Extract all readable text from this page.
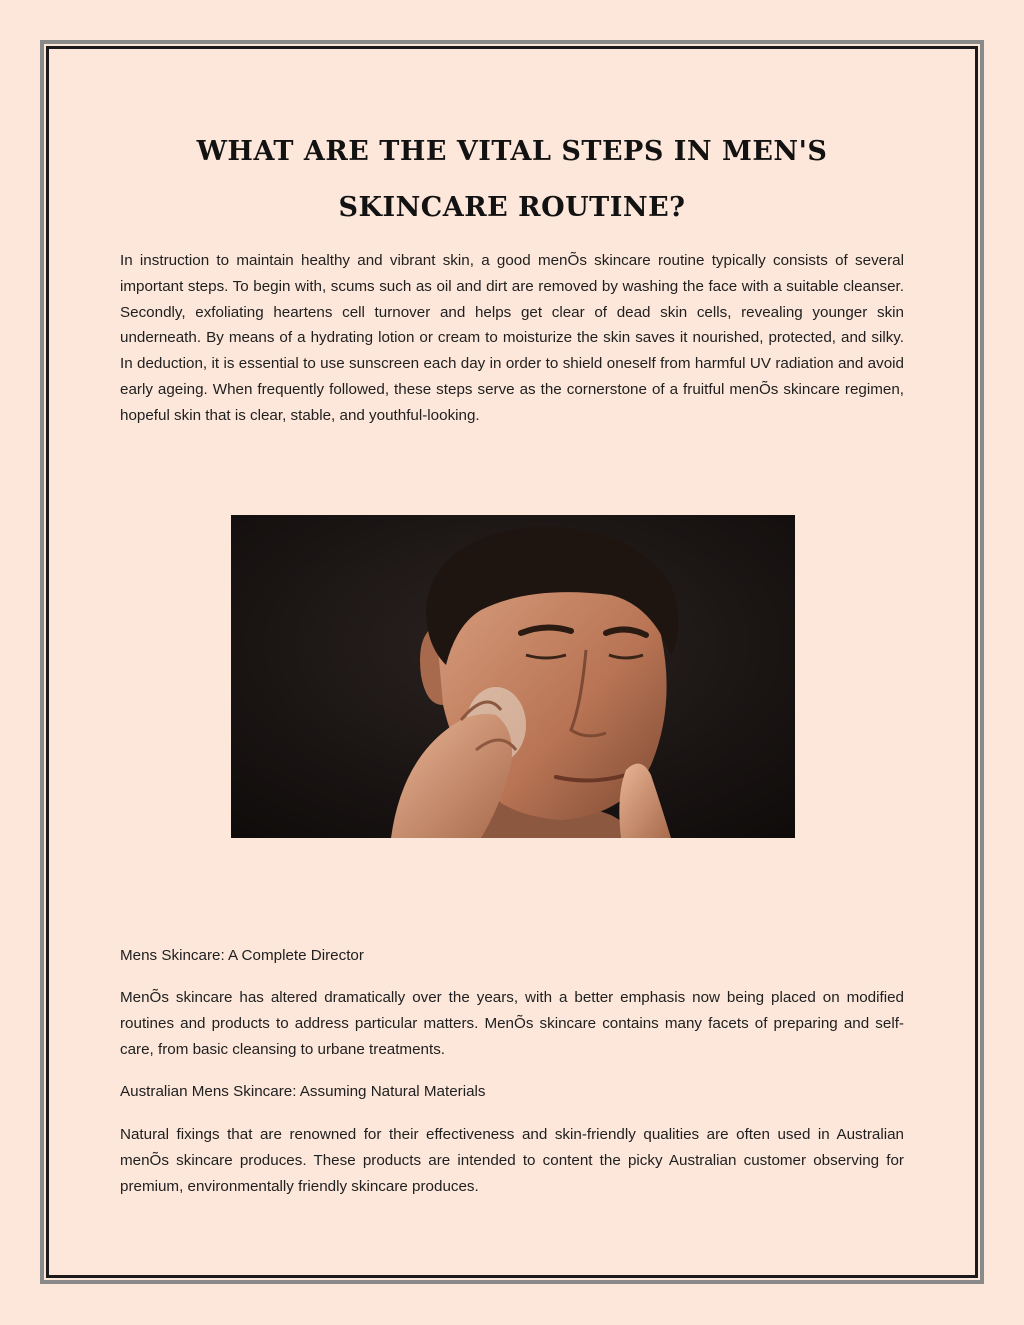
WHAT ARE THE VITAL STEPS IN MEN'S SKINCARE ROUTINE?

In instruction to maintain healthy and vibrant skin, a good menÕs skincare routine typically consists of several important steps. To begin with, scums such as oil and dirt are removed by washing the face with a suitable cleanser. Secondly, exfoliating heartens cell turnover and helps get clear of dead skin cells, revealing younger skin underneath. By means of a hydrating lotion or cream to moisturize the skin saves it nourished, protected, and silky. In deduction, it is essential to use sunscreen each day in order to shield oneself from harmful UV radiation and avoid early ageing. When frequently followed, these steps serve as the cornerstone of a fruitful menÕs skincare regimen, hopeful skin that is clear, stable, and youthful-looking.

Mens Skincare: A Complete Director

MenÕs skincare has altered dramatically over the years, with a better emphasis now being placed on modified routines and products to address particular matters. MenÕs skincare contains many facets of preparing and self-care, from basic cleansing to urbane treatments.

Australian Mens Skincare: Assuming Natural Materials

Natural fixings that are renowned for their effectiveness and skin-friendly qualities are often used in Australian menÕs skincare produces. These products are intended to content the picky Australian customer observing for premium, environmentally friendly skincare produces.
